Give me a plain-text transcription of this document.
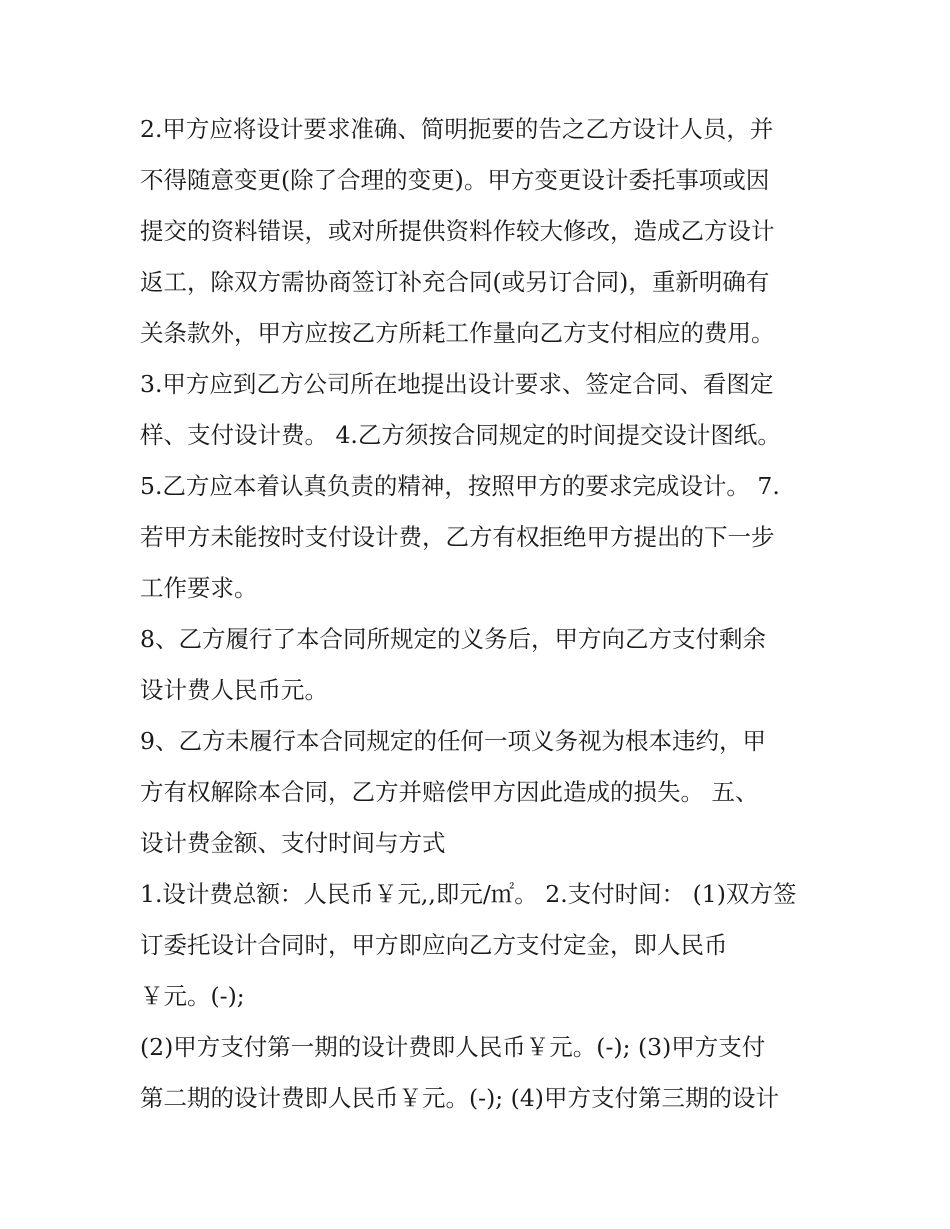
2.甲方应将设计要求准确、简明扼要的告之乙方设计人员，并
不得随意变更(除了合理的变更)。甲方变更设计委托事项或因
提交的资料错误，或对所提供资料作较大修改，造成乙方设计
返工，除双方需协商签订补充合同(或另订合同)，重新明确有
关条款外，甲方应按乙方所耗工作量向乙方支付相应的费用。
3.甲方应到乙方公司所在地提出设计要求、签定合同、看图定
样、支付设计费。 4.乙方须按合同规定的时间提交设计图纸。
5.乙方应本着认真负责的精神，按照甲方的要求完成设计。 7.
若甲方未能按时支付设计费，乙方有权拒绝甲方提出的下一步
工作要求。
8、乙方履行了本合同所规定的义务后，甲方向乙方支付剩余
设计费人民币元。
9、乙方未履行本合同规定的任何一项义务视为根本违约，甲
方有权解除本合同，乙方并赔偿甲方因此造成的损失。 五、
设计费金额、支付时间与方式
1.设计费总额：人民币￥元,,即元/㎡。 2.支付时间： (1)双方签
订委托设计合同时，甲方即应向乙方支付定金，即人民币
￥元。(-);
(2)甲方支付第一期的设计费即人民币￥元。(-); (3)甲方支付
第二期的设计费即人民币￥元。(-); (4)甲方支付第三期的设计
